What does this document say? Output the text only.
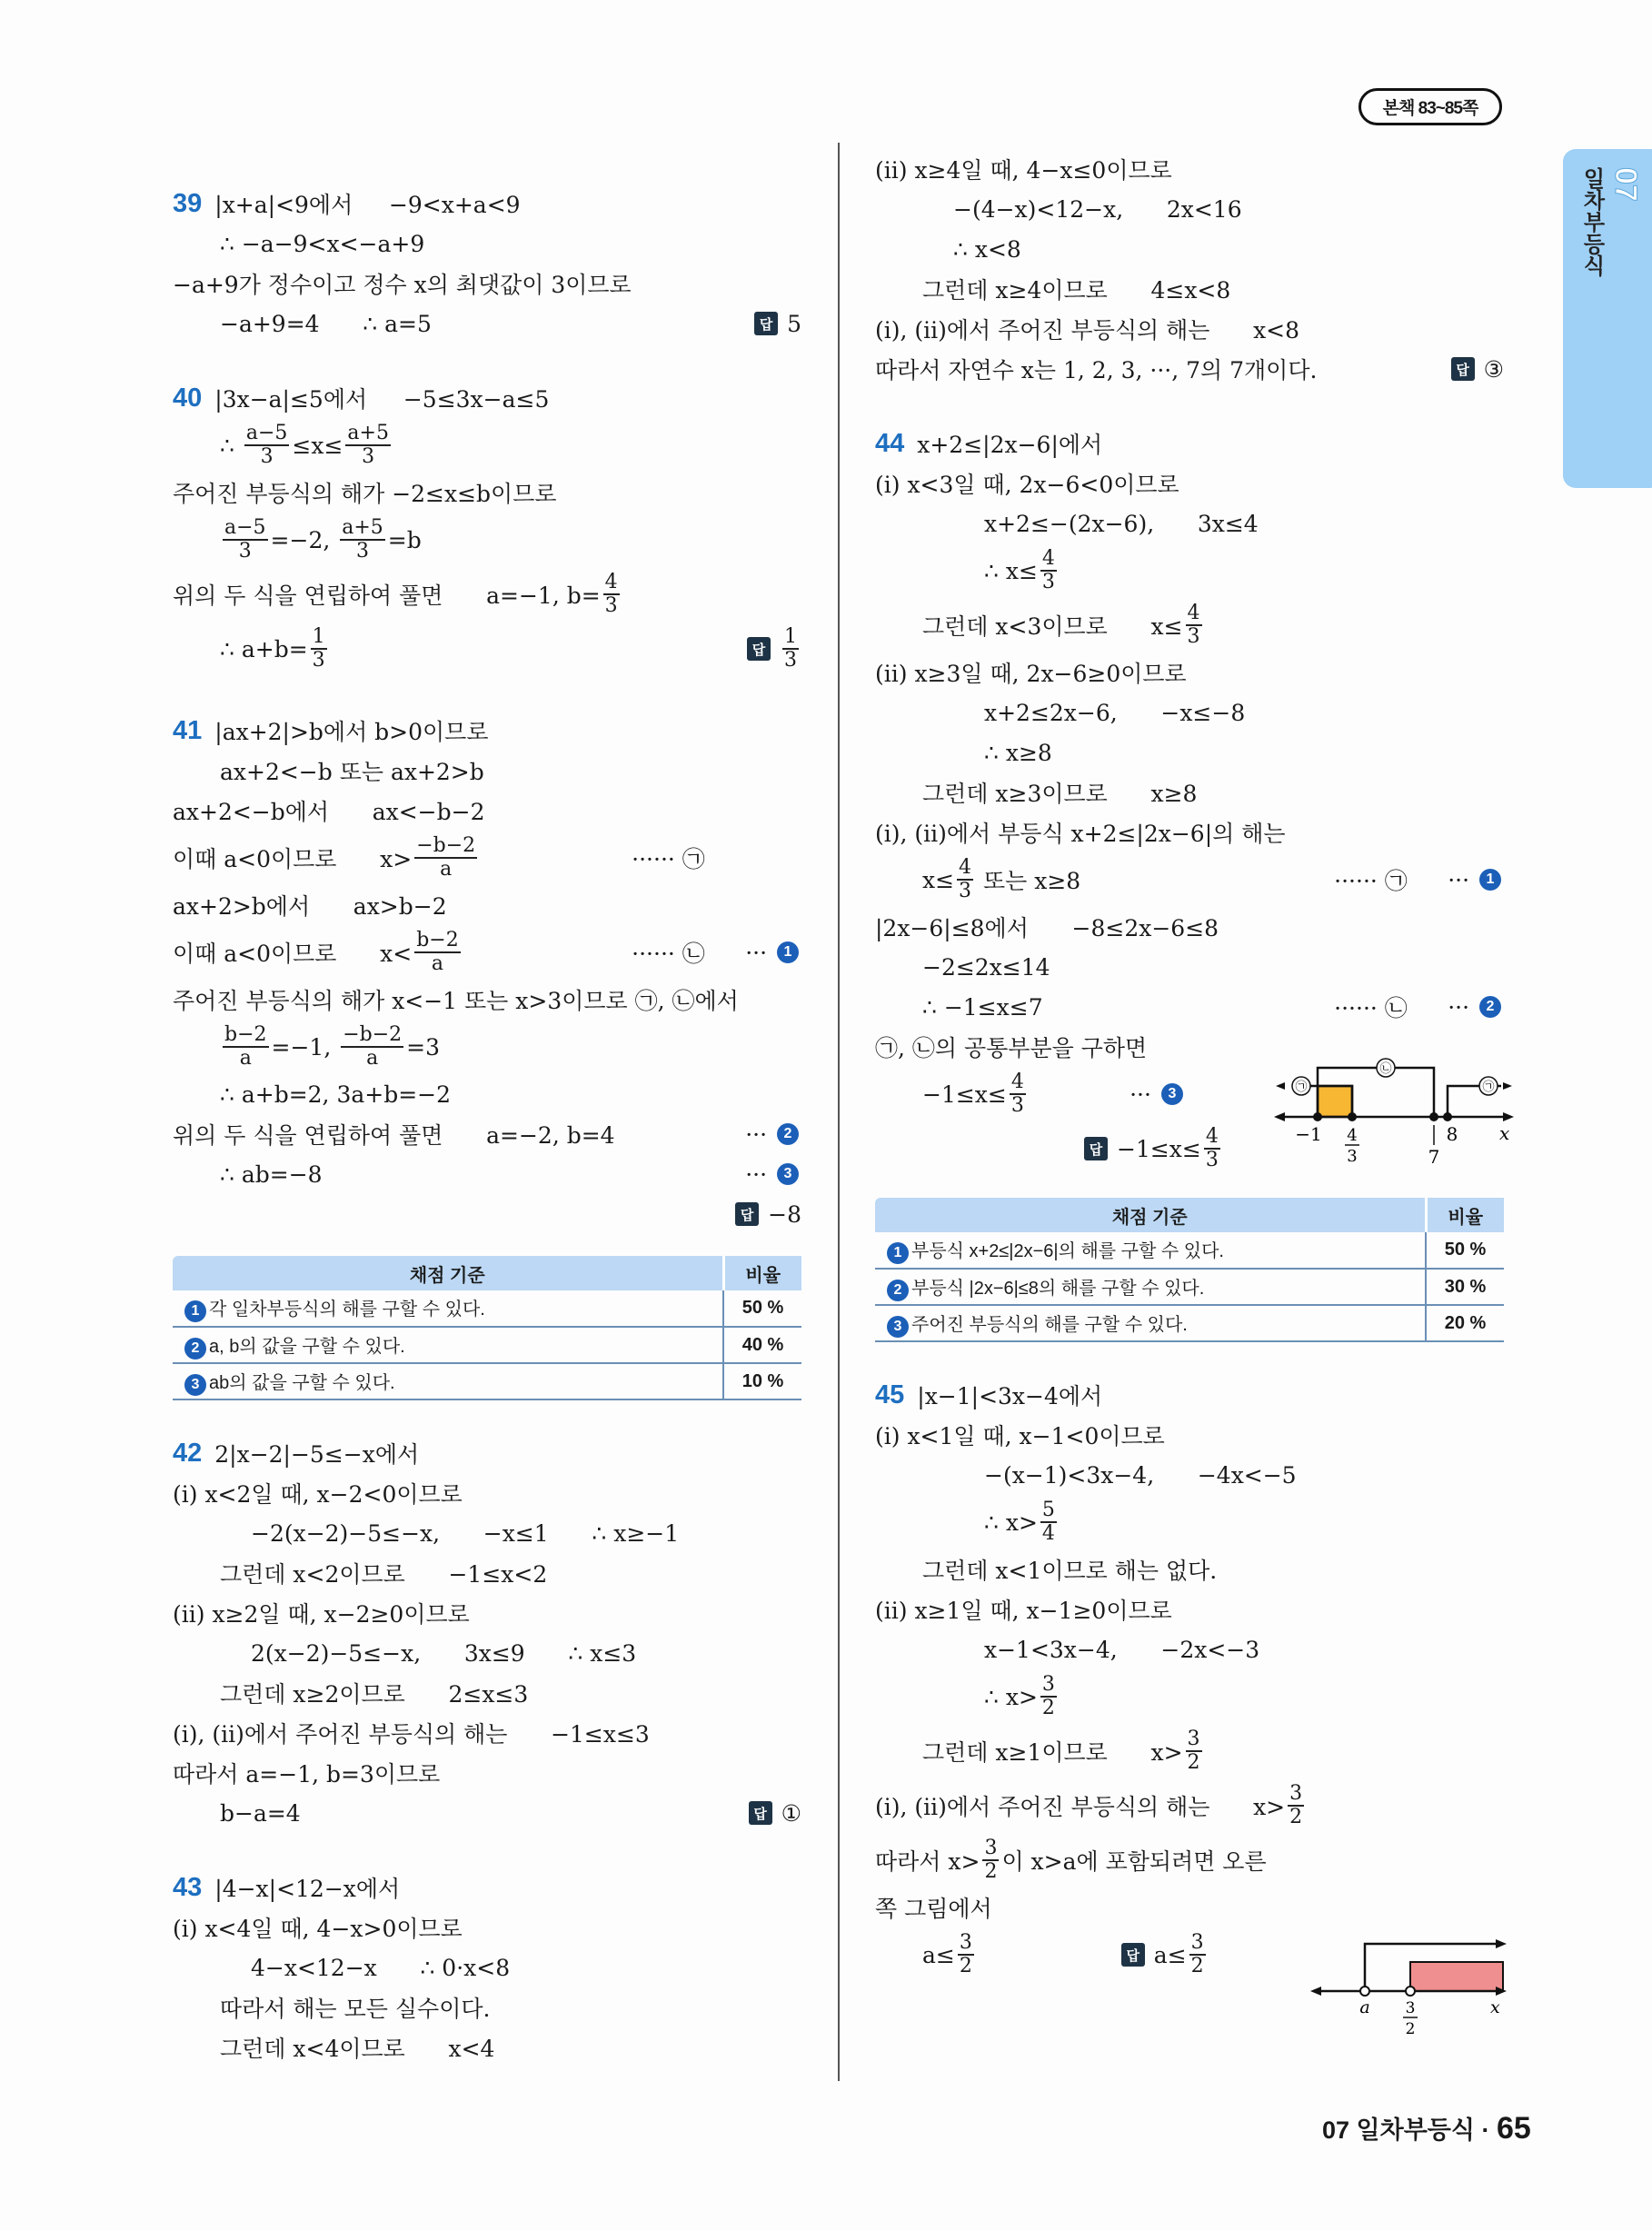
본책 83~85쪽
07
일차부등식
39 |x+a|<9에서     −9<x+a<9
∴ −a−9<x<−a+9
−a+9가 정수이고 정수 x의 최댓값이 3이므로
−a+9=4      ∴ a=5	답 5
40 |3x−a|≤5에서     −5≤3x−a≤5
∴ $\frac{a-5}{3} \le x\le \frac{a+5}{3}$
주어진 부등식의 해가 −2≤x≤b이므로
$\frac{a-5}{3} =-2$, $\frac{a+5}{3} =b$
위의 두 식을 연립하여 풀면      a=−1, $b= \frac{4}{3}$
∴ $a+b= \frac{1}{3}$	답 $\frac{1}{3}$
41 |ax+2|>b에서 b>0이므로
ax+2<−b 또는 ax+2>b
ax+2<−b에서      ax<−b−2
이때 a<0이므로      $x> \frac{-b-2}{a}$	······ ㉠
ax+2>b에서      ax>b−2
이때 a<0이므로      $x< \frac{b-2}{a}$	······ ㉡ ··· 1
주어진 부등식의 해가 x<−1 또는 x>3이므로 ㉠, ㉡에서
$\frac{b-2}{a} =-1$, $\frac{-b-2}{a} =3$
∴ a+b=2, 3a+b=−2
위의 두 식을 연립하여 풀면      a=−2, b=4	··· 2
∴ ab=−8	··· 3
답 −8
채점 기준	비율
1 각 일차부등식의 해를 구할 수 있다.	50 %
2 a, b의 값을 구할 수 있다.	40 %
3 ab의 값을 구할 수 있다.	10 %
42 2|x−2|−5≤−x에서
(i) x<2일 때, x−2<0이므로
−2(x−2)−5≤−x,      −x≤1      ∴ x≥−1
그런데 x<2이므로      −1≤x<2
(ii) x≥2일 때, x−2≥0이므로
2(x−2)−5≤−x,      3x≤9      ∴ x≤3
그런데 x≥2이므로      2≤x≤3
(i), (ii)에서 주어진 부등식의 해는      −1≤x≤3
따라서 a=−1, b=3이므로
b−a=4	답 ①
43 |4−x|<12−x에서
(i) x<4일 때, 4−x>0이므로
4−x<12−x      ∴ 0·x<8
따라서 해는 모든 실수이다.
그런데 x<4이므로      x<4
(ii) x≥4일 때, 4−x≤0이므로
−(4−x)<12−x,      2x<16
∴ x<8
그런데 x≥4이므로      4≤x<8
(i), (ii)에서 주어진 부등식의 해는      x<8
따라서 자연수 x는 1, 2, 3, ···, 7의 7개이다.	답 ③
44 x+2≤|2x−6|에서
(i) x<3일 때, 2x−6<0이므로
x+2≤−(2x−6),      3x≤4
∴ $x\le \frac{4}{3}$
그런데 x<3이므로      $x\le \frac{4}{3}$
(ii) x≥3일 때, 2x−6≥0이므로
x+2≤2x−6,      −x≤−8
∴ x≥8
그런데 x≥3이므로      x≥8
(i), (ii)에서 부등식 x+2≤|2x−6|의 해는
$x\le \frac{4}{3}$ 또는 x≥8	······ ㉠ ··· 1
|2x−6|≤8에서      −8≤2x−6≤8
−2≤2x≤14
∴ −1≤x≤7	······ ㉡ ··· 2
㉠, ㉡의 공통부분을 구하면
$-1\le x\le \frac{4}{3}$ ··· 3
답 $-1\le x\le \frac{4}{3}$
채점 기준	비율
1 부등식 x+2≤|2x−6|의 해를 구할 수 있다.	50 %
2 부등식 |2x−6|≤8의 해를 구할 수 있다.	30 %
3 주어진 부등식의 해를 구할 수 있다.	20 %
45 |x−1|<3x−4에서
(i) x<1일 때, x−1<0이므로
−(x−1)<3x−4,      −4x<−5
∴ $x> \frac{5}{4}$
그런데 x<1이므로 해는 없다.
(ii) x≥1일 때, x−1≥0이므로
x−1<3x−4,      −2x<−3
∴ $x> \frac{3}{2}$
그런데 x≥1이므로      $x> \frac{3}{2}$
(i), (ii)에서 주어진 부등식의 해는      $x> \frac{3}{2}$
따라서 $x> \frac{3}{2}$ 이 x>a에 포함되려면 오른
쪽 그림에서
$a\le \frac{3}{2}$
	답 $a\le \frac{3}{2}$
㉡
㉠	㉠
−1 4
3	7
8 x
a 3
2
x
07 일차부등식 · 65
